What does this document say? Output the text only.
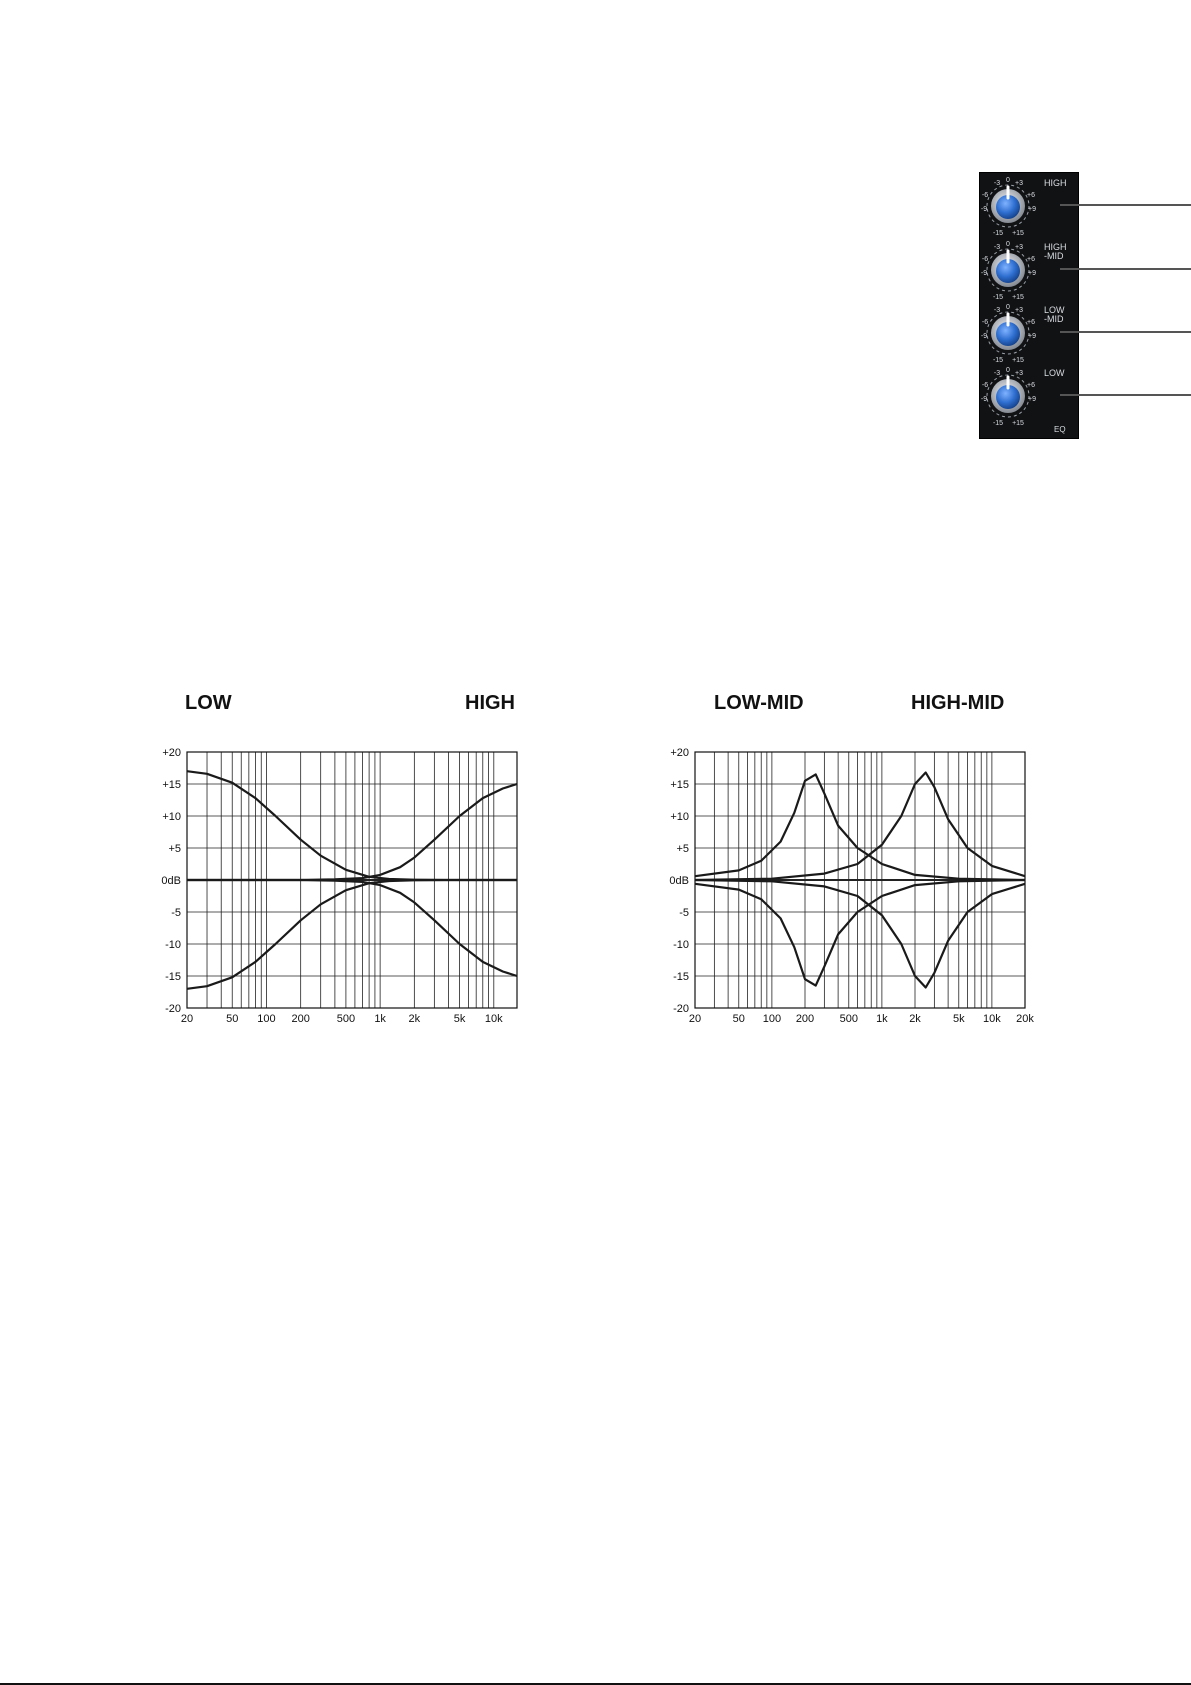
-3 0 +3
-6	+6
-9	+9
-15 +15
HIGH
-3 0 +3
-6	+6
-9	+9
-15 +15
HIGH
-MID
-3 0 +3
-6	+6
-9	+9
-15 +15
LOW
-MID
-3 0 +3
-6	+6
-9	+9
-15 +15
LOW
EQ
LOW	HIGH	LOW-MID	HIGH-MID
+20
+15
+10
+5
0dB
-5
-10
-15
-20
20	50 100 200 500 1k 2k	5k 10k
+20
+15
+10
+5
0dB
-5
-10
-15
-20
20	50 100 200 500 1k 2k	5k 10k 20k
